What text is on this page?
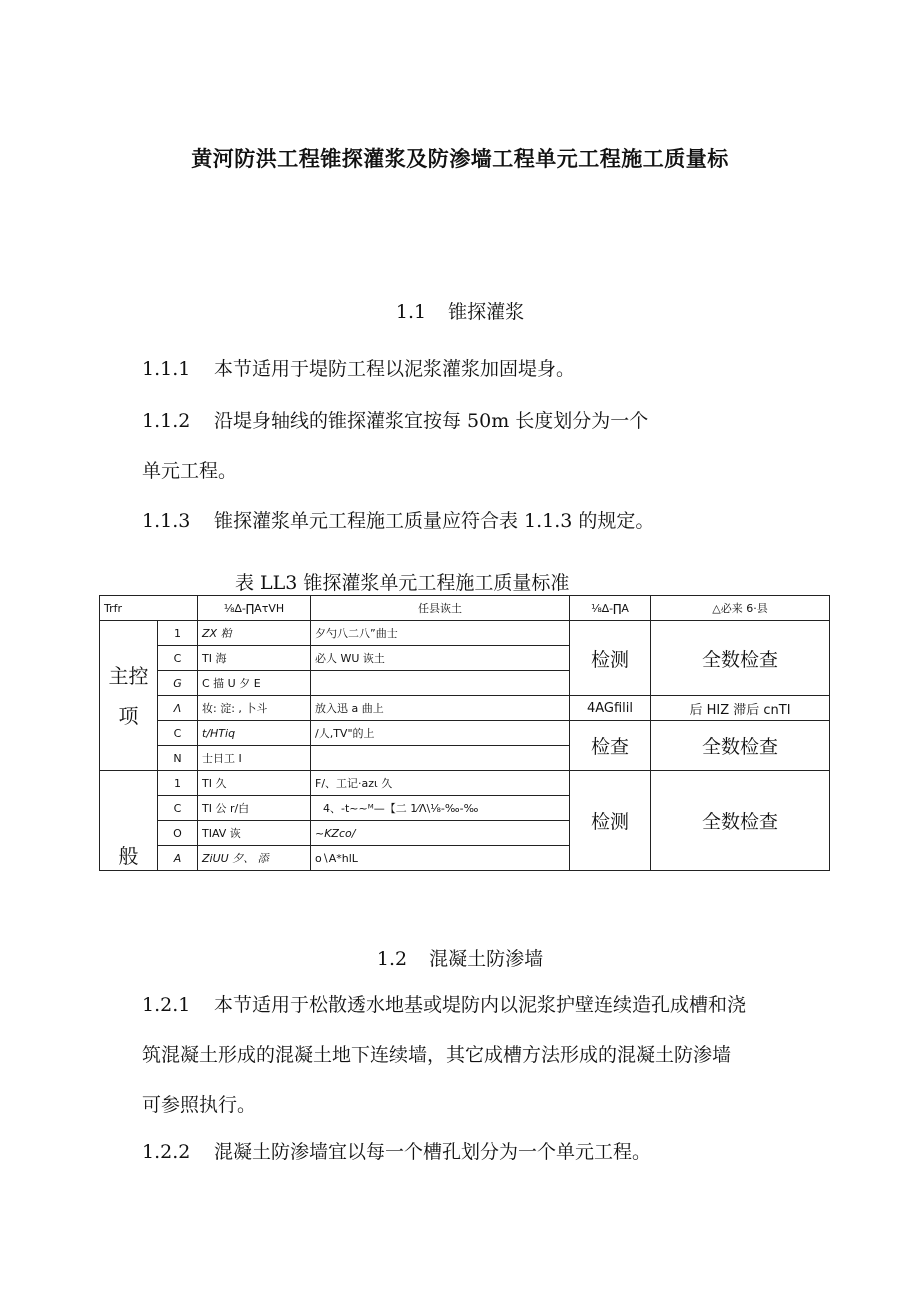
黄河防洪工程锥探灌浆及防渗墙工程单元工程施工质量标
1.1 锥探灌浆
1.1.1 本节适用于堤防工程以泥浆灌浆加固堤身。
1.1.2 沿堤身轴线的锥探灌浆宜按每 50m 长度划分为一个
单元工程。
1.1.3 锥探灌浆单元工程施工质量应符合表 1.1.3 的规定。
表 LL3 锥探灌浆单元工程施工质量标准
Trfr		⅛∆-∏AτVH	任县诙土	⅛∆-∏A	△必来 6·县

主控
项	1	ZX 粕	夕勺八二八”曲士	检测	全数检查
	C	TI 海	必人 WU 诙土		
	G	C 描 U 夕 E			
	Λ	妆: 淀: , 卜斗	放入迅 a 曲上	4AGfilil	后 HIZ 滞后 cnTI
	C	t/HTiq	/人,TV"的上	检查	全数检查
	N	士日工 I			
般	1	TI 久	F/、工记·azι 久	检测	全数检查
	C	TI 公 r/白	4、-t~~ᴹ—【二 1⁄Λ\⅛-‰-‰		
	O	TIAV 诙	~KZco/		
	A	ZiUU 夕、 添	o∖A*hlL		
1.2 混凝土防渗墙
1.2.1 本节适用于松散透水地基或堤防内以泥浆护壁连续造孔成槽和浇
筑混凝土形成的混凝土地下连续墙，其它成槽方法形成的混凝土防渗墙
可参照执行。
1.2.2 混凝土防渗墙宜以每一个槽孔划分为一个单元工程。
